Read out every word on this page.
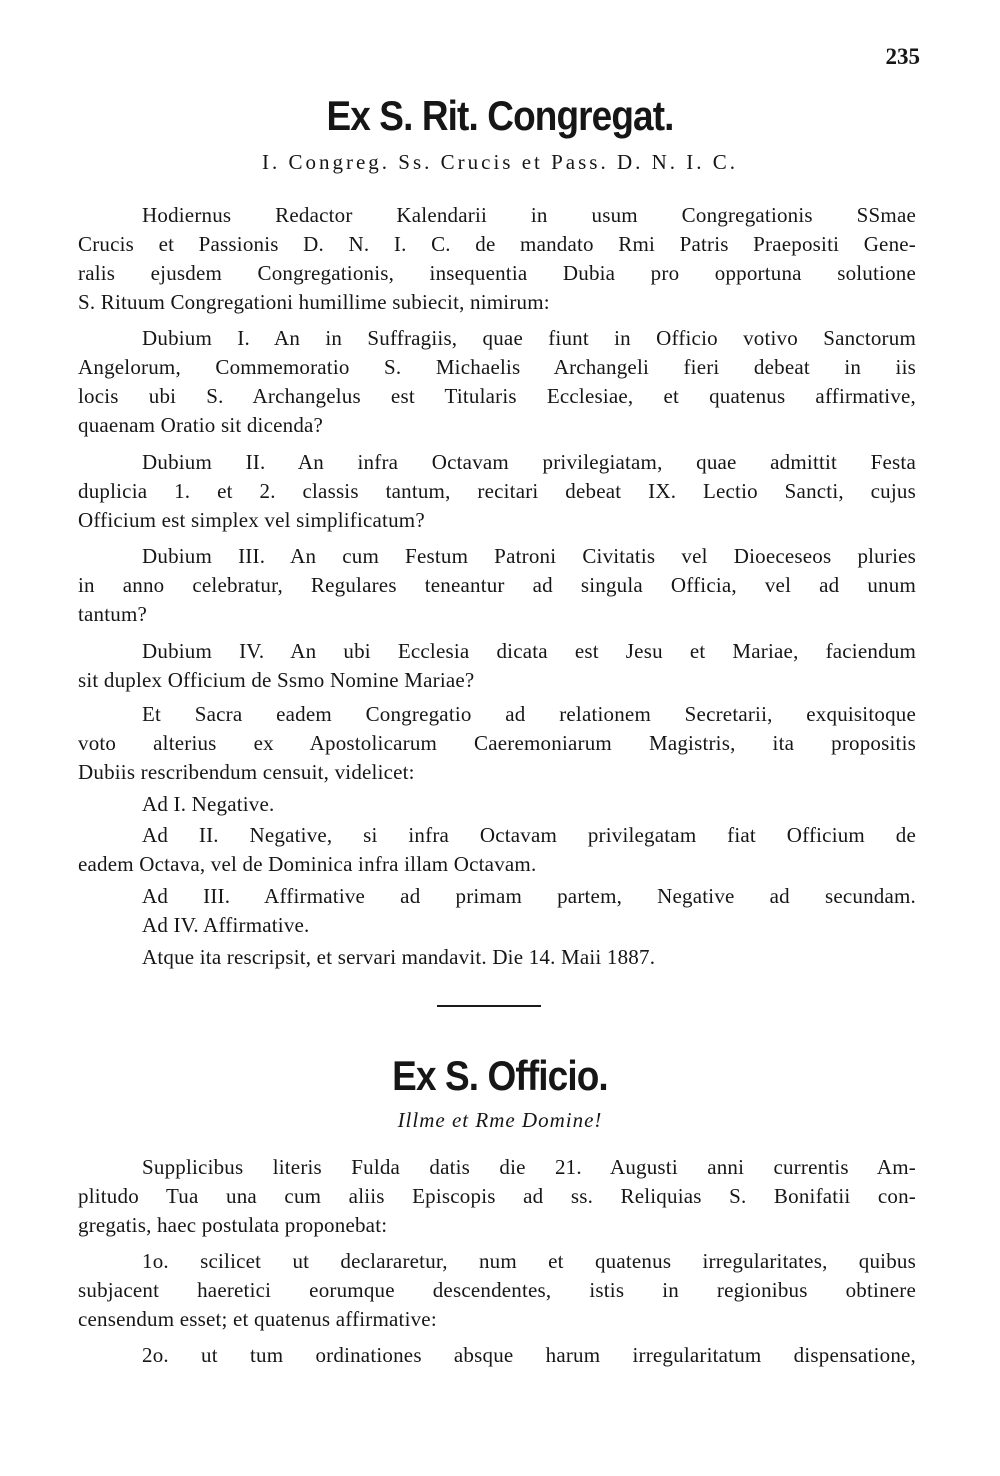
235
Ex S. Rit. Congregat.
I. Congreg. Ss. Crucis et Pass. D. N. I. C.
Hodiernus Redactor Kalendarii in usum Congregationis SSmae
Crucis et Passionis D. N. I. C. de mandato Rmi Patris Praepositi Gene-
ralis ejusdem Congregationis, insequentia Dubia pro opportuna solutione
S. Rituum Congregationi humillime subiecit, nimirum:
Dubium I. An in Suffragiis, quae fiunt in Officio votivo Sanctorum
Angelorum, Commemoratio S. Michaelis Archangeli fieri debeat in iis
locis ubi S. Archangelus est Titularis Ecclesiae, et quatenus affirmative,
quaenam Oratio sit dicenda?
Dubium II. An infra Octavam privilegiatam, quae admittit Festa
duplicia 1. et 2. classis tantum, recitari debeat IX. Lectio Sancti, cujus
Officium est simplex vel simplificatum?
Dubium III. An cum Festum Patroni Civitatis vel Dioeceseos pluries
in anno celebratur, Regulares teneantur ad singula Officia, vel ad unum
tantum?
Dubium IV. An ubi Ecclesia dicata est Jesu et Mariae, faciendum
sit duplex Officium de Ssmo Nomine Mariae?
Et Sacra eadem Congregatio ad relationem Secretarii, exquisitoque
voto alterius ex Apostolicarum Caeremoniarum Magistris, ita propositis
Dubiis rescribendum censuit, videlicet:
Ad I. Negative.
Ad II. Negative, si infra Octavam privilegatam fiat Officium de
eadem Octava, vel de Dominica infra illam Octavam.
Ad III. Affirmative ad primam partem, Negative ad secundam.
Ad IV. Affirmative.
Atque ita rescripsit, et servari mandavit. Die 14. Maii 1887.
Ex S. Officio.
Illme et Rme Domine!
Supplicibus literis Fulda datis die 21. Augusti anni currentis Am-
plitudo Tua una cum aliis Episcopis ad ss. Reliquias S. Bonifatii con-
gregatis, haec postulata proponebat:
1o. scilicet ut declararetur, num et quatenus irregularitates, quibus
subjacent haeretici eorumque descendentes, istis in regionibus obtinere
censendum esset; et quatenus affirmative:
2o. ut tum ordinationes absque harum irregularitatum dispensatione,
